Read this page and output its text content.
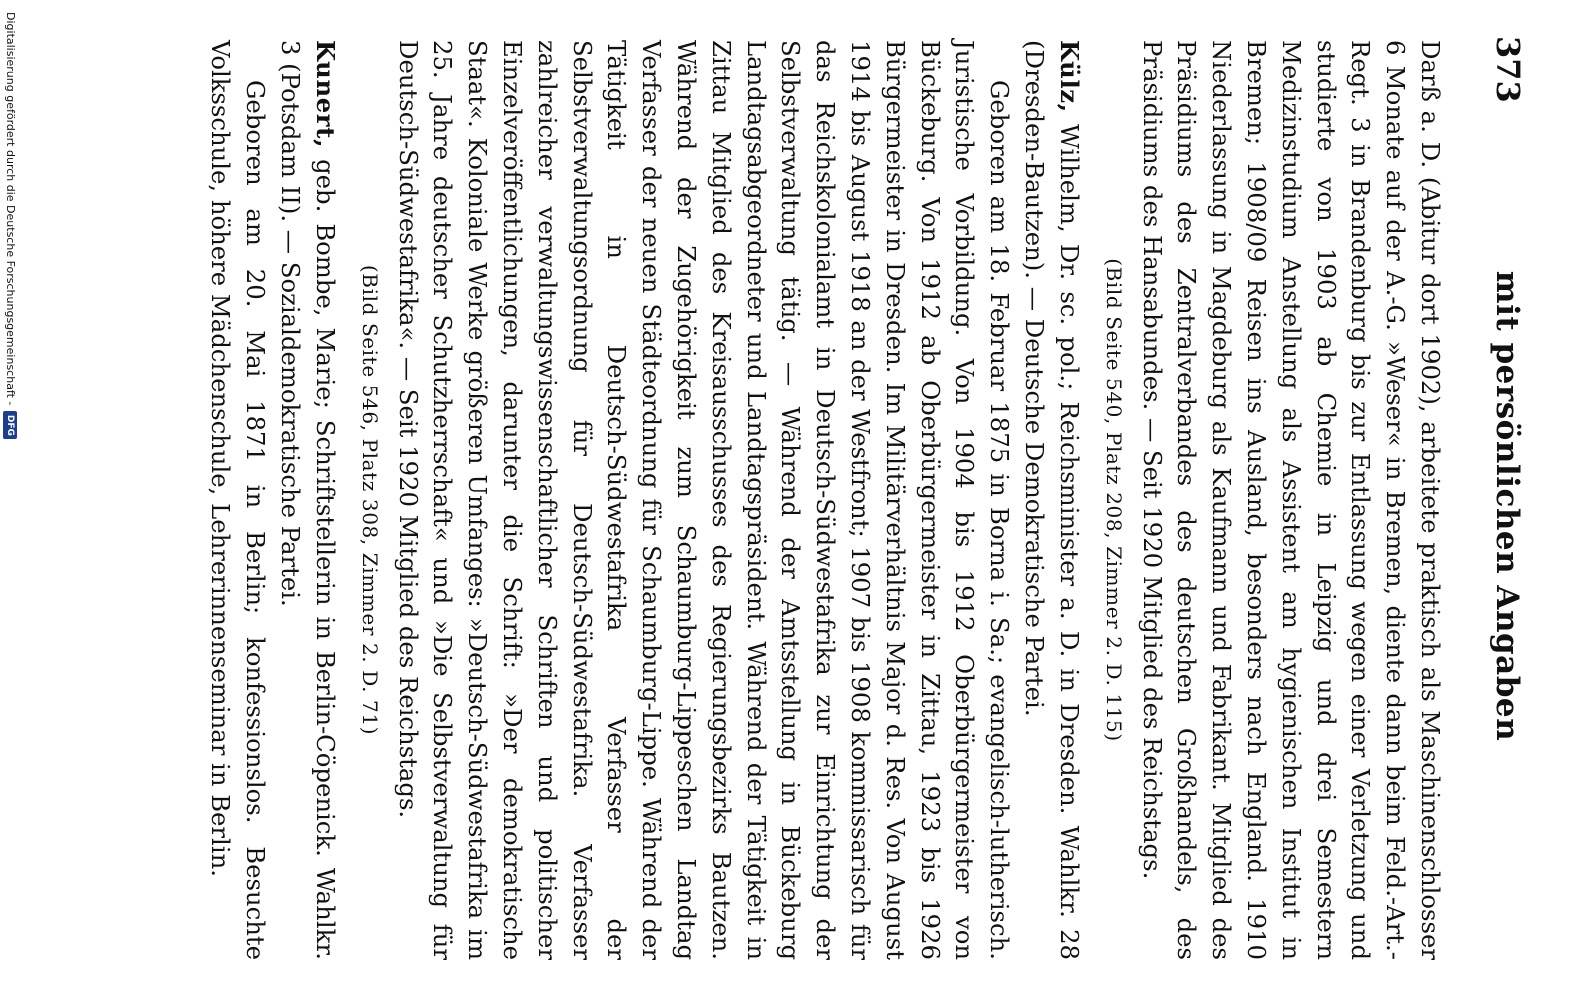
373
mit persönlichen Angaben

Darß a. D. (Abitur dort 1902), arbeitete praktisch als Maschinenschlosser 6 Monate auf der A.-G. »Weser« in Bremen, diente dann beim Feld.-Art.-Regt. 3 in Brandenburg bis zur Entlassung wegen einer Verletzung und studierte von 1903 ab Chemie in Leipzig und drei Semestern Medizinstudium Anstellung als Assistent am hygienischen Institut in Bremen; 1908/09 Reisen ins Ausland, besonders nach England. 1910 Niederlassung in Magdeburg als Kaufmann und Fabrikant. Mitglied des Präsidiums des Zentralverbandes des deutschen Großhandels, des Präsidiums des Hansabundes. — Seit 1920 Mitglied des Reichstags.

(Bild Seite 540, Platz 208, Zimmer 2. D. 115)

Külz, Wilhelm, Dr. sc. pol.; Reichsminister a. D. in Dresden. Wahlkr. 28 (Dresden-Bautzen). — Deutsche Demokratische Partei.

Geboren am 18. Februar 1875 in Borna i. Sa.; evangelisch-lutherisch. Juristische Vorbildung. Von 1904 bis 1912 Oberbürgermeister von Bückeburg. Von 1912 ab Oberbürgermeister in Zittau, 1923 bis 1926 Bürgermeister in Dresden. Im Militärverhältnis Major d. Res. Von August 1914 bis August 1918 an der Westfront; 1907 bis 1908 kommissarisch für das Reichskolonialamt in Deutsch-Südwestafrika zur Einrichtung der Selbstverwaltung tätig. — Während der Amtsstellung in Bückeburg Landtagsabgeordneter und Landtagspräsident. Während der Tätigkeit in Zittau Mitglied des Kreisausschusses des Regierungsbezirks Bautzen. Während der Zugehörigkeit zum Schaumburg-Lippeschen Landtag Verfasser der neuen Städteordnung für Schaumburg-Lippe. Während der Tätigkeit in Deutsch-Südwestafrika Verfasser der Selbstverwaltungsordnung für Deutsch-Südwestafrika. Verfasser zahlreicher verwaltungswissenschaftlicher Schriften und politischer Einzelveröffentlichungen, darunter die Schrift: »Der demokratische Staat«. Koloniale Werke größeren Umfanges: »Deutsch-Südwestafrika im 25. Jahre deutscher Schutzherrschaft« und »Die Selbstverwaltung für Deutsch-Südwestafrika«. — Seit 1920 Mitglied des Reichstags.

(Bild Seite 546, Platz 308, Zimmer 2. D. 71)

Kunert, geb. Bombe, Marie; Schriftstellerin in Berlin-Cöpenick. Wahlkr. 3 (Potsdam II). — Sozialdemokratische Partei.

Geboren am 20. Mai 1871 in Berlin; konfessionslos. Besuchte Volksschule, höhere Mädchenschule, Lehrerinnenseminar in Berlin.

Digitalisierung gefördert durch die Deutsche Forschungsgemeinschaft -
DFG
